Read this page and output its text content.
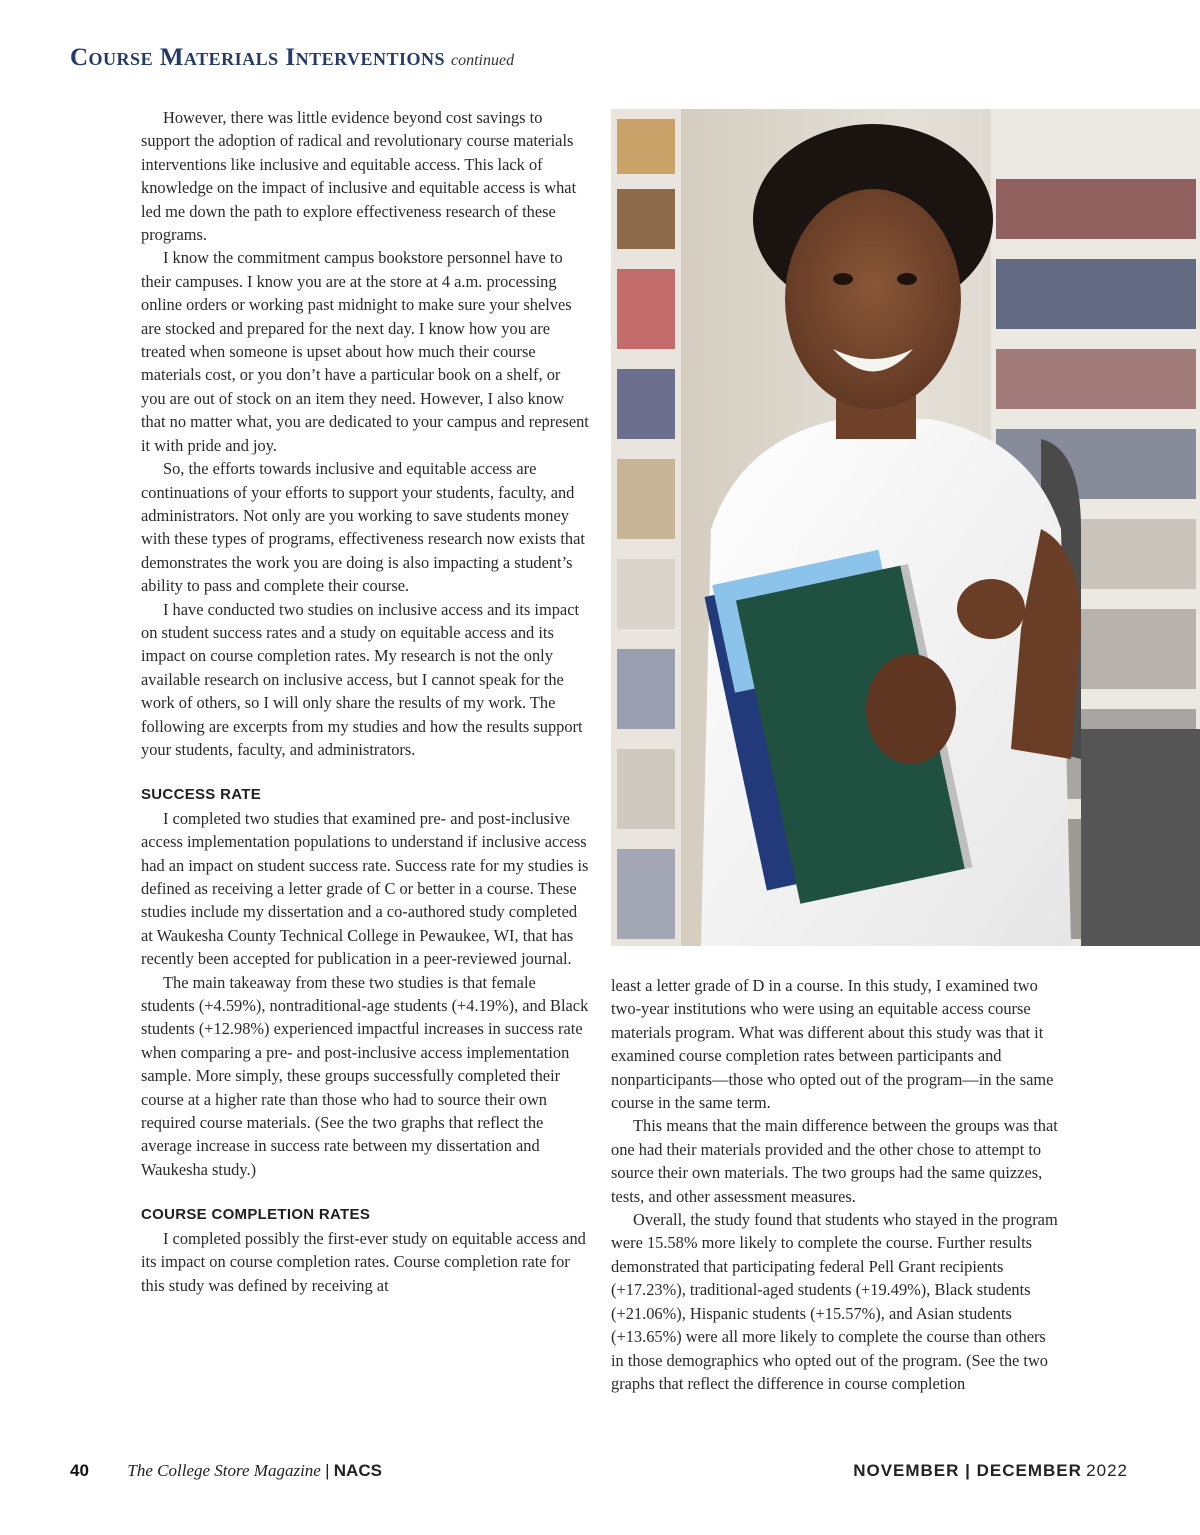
Course Materials Interventions continued

However, there was little evidence beyond cost savings to support the adoption of radical and revolutionary course materials interventions like inclusive and equitable access. This lack of knowledge on the impact of inclusive and equitable access is what led me down the path to explore effectiveness research of these programs.

I know the commitment campus bookstore personnel have to their campuses. I know you are at the store at 4 a.m. processing online orders or working past midnight to make sure your shelves are stocked and prepared for the next day. I know how you are treated when someone is upset about how much their course materials cost, or you don’t have a particular book on a shelf, or you are out of stock on an item they need. However, I also know that no matter what, you are dedicated to your campus and represent it with pride and joy.

So, the efforts towards inclusive and equitable access are continuations of your efforts to support your students, faculty, and administrators. Not only are you working to save students money with these types of programs, effectiveness research now exists that demonstrates the work you are doing is also impacting a student’s ability to pass and complete their course.

I have conducted two studies on inclusive access and its impact on student success rates and a study on equitable access and its impact on course completion rates. My research is not the only available research on inclusive access, but I cannot speak for the work of others, so I will only share the results of my work. The following are excerpts from my studies and how the results support your students, faculty, and administrators.

SUCCESS RATE

I completed two studies that examined pre- and post-inclusive access implementation populations to understand if inclusive access had an impact on student success rate. Success rate for my studies is defined as receiving a letter grade of C or better in a course. These studies include my dissertation and a co-authored study completed at Waukesha County Technical College in Pewaukee, WI, that has recently been accepted for publication in a peer-reviewed journal.

The main takeaway from these two studies is that female students (+4.59%), nontraditional-age students (+4.19%), and Black students (+12.98%) experienced impactful increases in success rate when comparing a pre- and post-inclusive access implementation sample. More simply, these groups successfully completed their course at a higher rate than those who had to source their own required course materials. (See the two graphs that reflect the average increase in success rate between my dissertation and Waukesha study.)

COURSE COMPLETION RATES

I completed possibly the first-ever study on equitable access and its impact on course completion rates. Course completion rate for this study was defined by receiving at

least a letter grade of D in a course. In this study, I examined two two-year institutions who were using an equitable access course materials program. What was different about this study was that it examined course completion rates between participants and nonparticipants—those who opted out of the program—in the same course in the same term.

This means that the main difference between the groups was that one had their materials provided and the other chose to attempt to source their own materials. The two groups had the same quizzes, tests, and other assessment measures.

Overall, the study found that students who stayed in the program were 15.58% more likely to complete the course. Further results demonstrated that participating federal Pell Grant recipients (+17.23%), traditional-aged students (+19.49%), Black students (+21.06%), Hispanic students (+15.57%), and Asian students (+13.65%) were all more likely to complete the course than others in those demographics who opted out of the program. (See the two graphs that reflect the difference in course completion

40 The College Store Magazine | NACS	NOVEMBER | DECEMBER 2022
